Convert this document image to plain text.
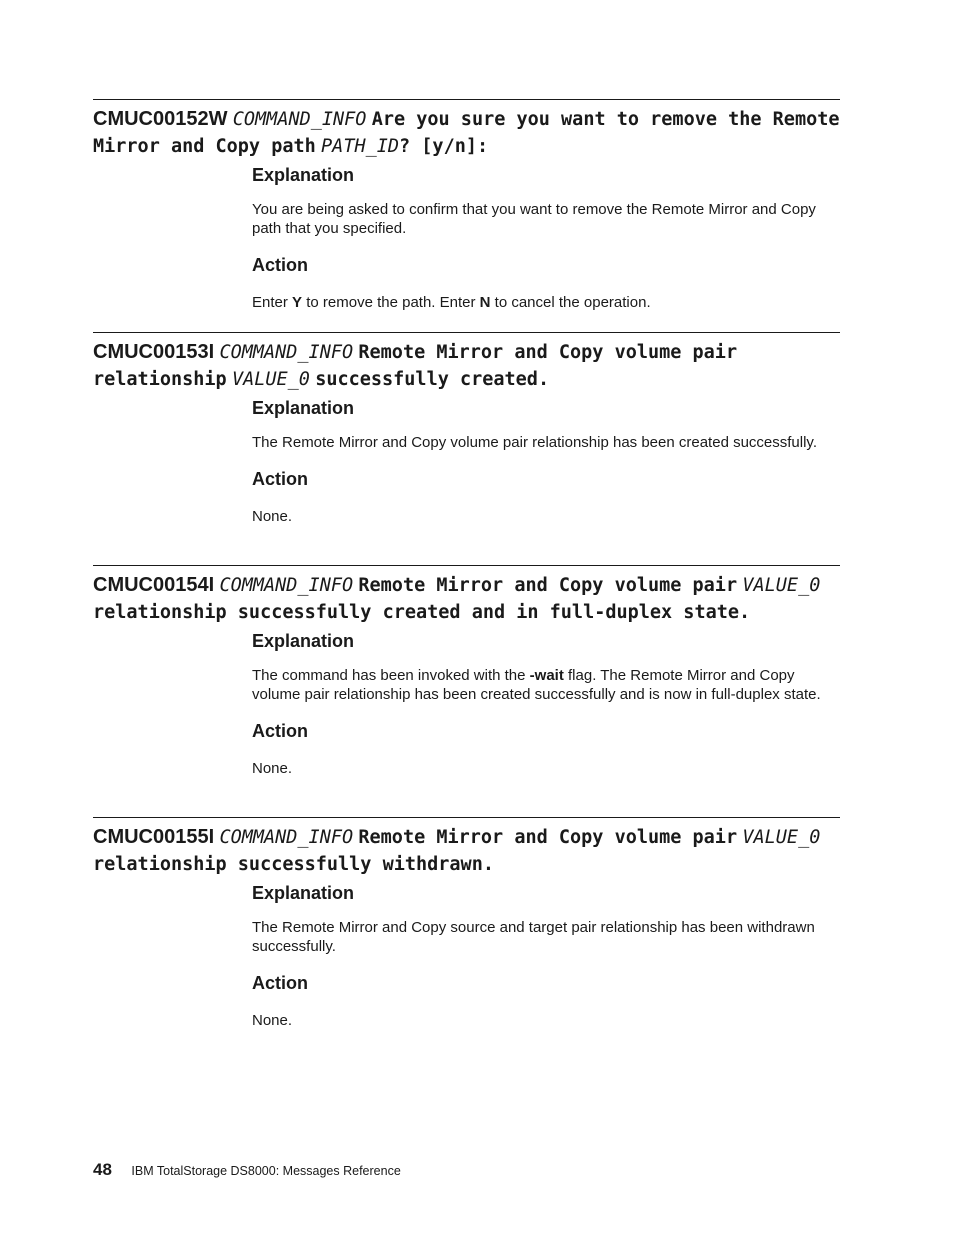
CMUC00152W COMMAND_INFO Are you sure you want to remove the Remote Mirror and Copy path PATH_ID? [y/n]:
Explanation
You are being asked to confirm that you want to remove the Remote Mirror and Copy path that you specified.
Action
Enter Y to remove the path. Enter N to cancel the operation.
CMUC00153I COMMAND_INFO Remote Mirror and Copy volume pair relationship VALUE_0 successfully created.
Explanation
The Remote Mirror and Copy volume pair relationship has been created successfully.
Action
None.
CMUC00154I COMMAND_INFO Remote Mirror and Copy volume pair VALUE_0 relationship successfully created and in full-duplex state.
Explanation
The command has been invoked with the -wait flag. The Remote Mirror and Copy volume pair relationship has been created successfully and is now in full-duplex state.
Action
None.
CMUC00155I COMMAND_INFO Remote Mirror and Copy volume pair VALUE_0 relationship successfully withdrawn.
Explanation
The Remote Mirror and Copy source and target pair relationship has been withdrawn successfully.
Action
None.
48 IBM TotalStorage DS8000: Messages Reference
